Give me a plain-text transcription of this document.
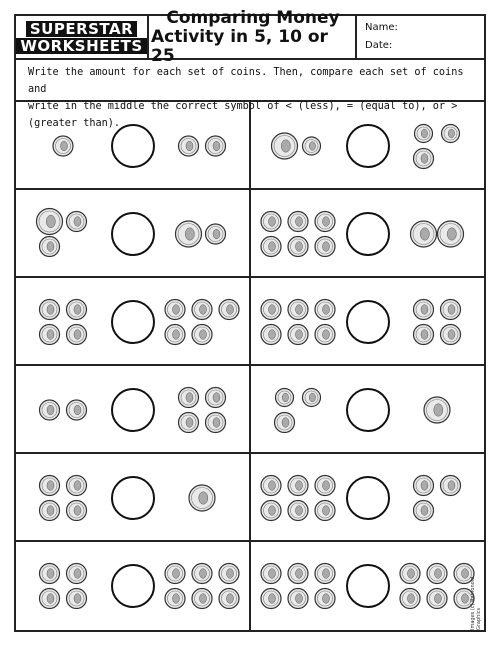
SUPERSTAR
WORKSHEETS
Comparing Money
Activity in 5, 10 or 25
Name:
Date:
Write the amount for each set of coins. Then, compare each set of coins and
write in the middle the correct symbol of < (less), = (equal to), or > (greater than).
Images (c) Ramonold Graphics
